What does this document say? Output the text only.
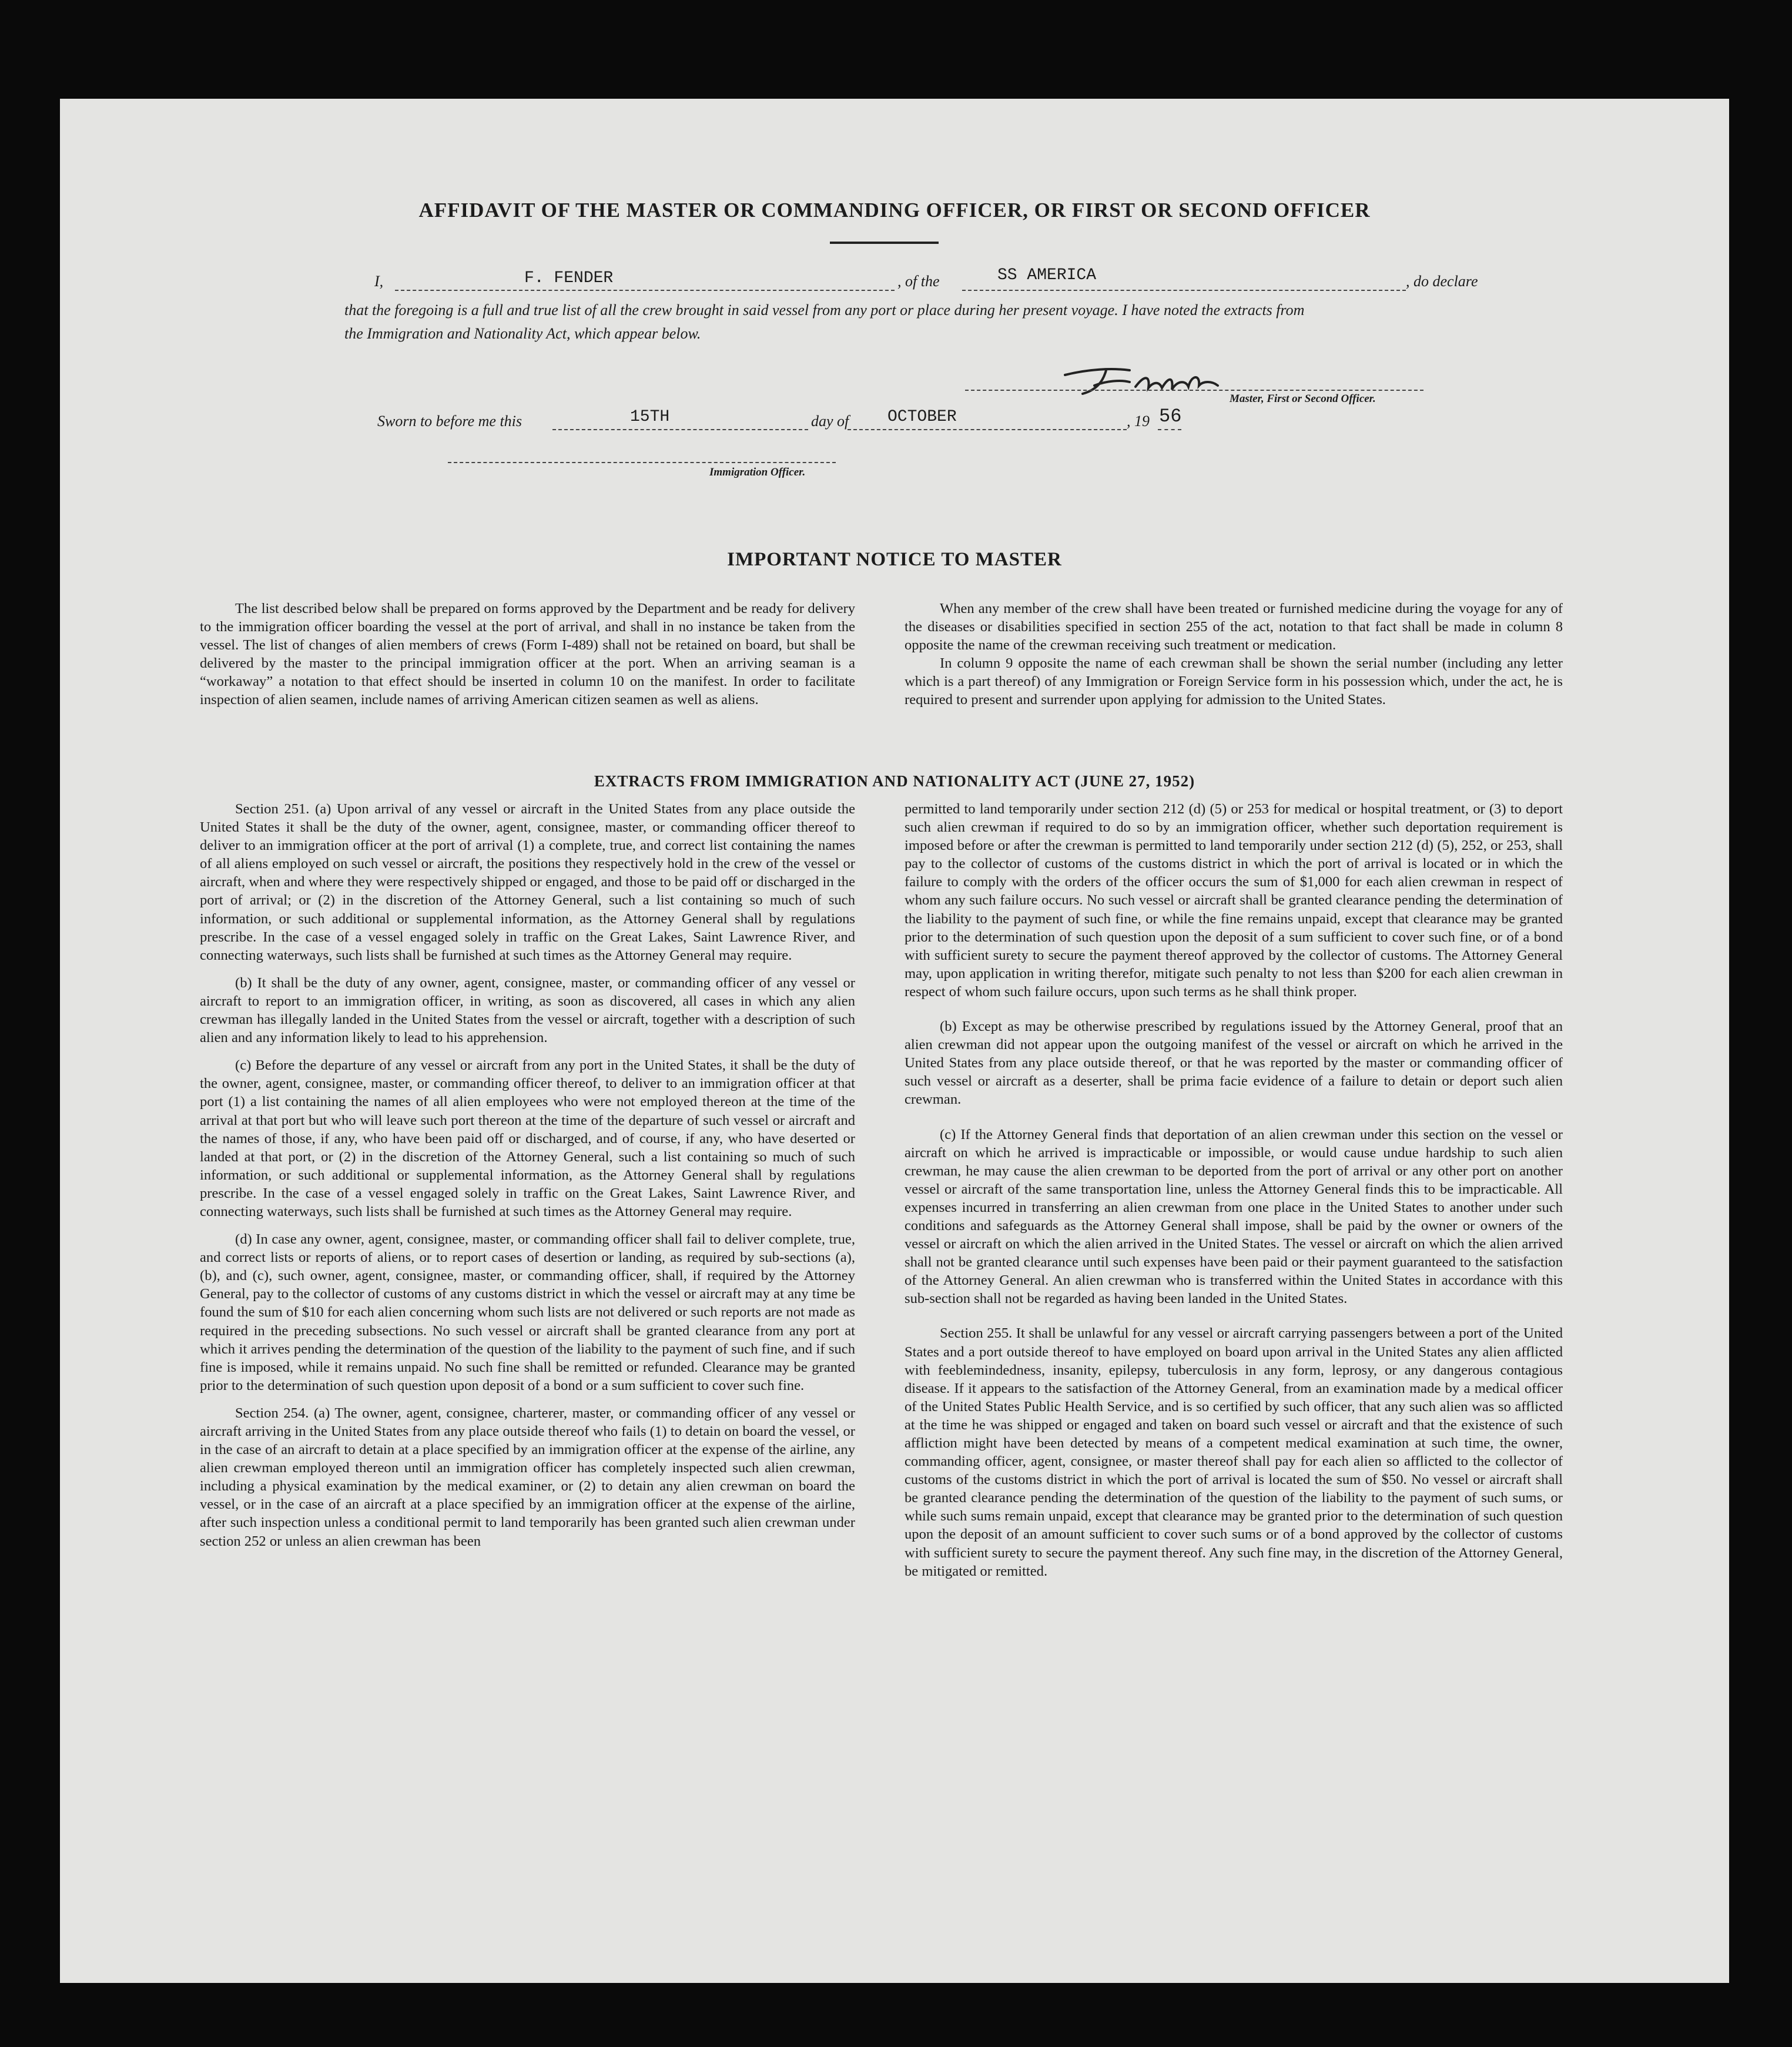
AFFIDAVIT OF THE MASTER OR COMMANDING OFFICER, OR FIRST OR SECOND OFFICER
I,	F. FENDER	, of the	SS AMERICA	, do declare
that the foregoing is a full and true list of all the crew brought in said vessel from any port or place during her present voyage. I have noted the extracts from
the Immigration and Nationality Act, which appear below.
Master, First or Second Officer.
Sworn to before me this	15TH	day of OCTOBER	, 19 56
Immigration Officer.
IMPORTANT NOTICE TO MASTER

The list described below shall be prepared on forms approved by the Department and be ready for delivery to the immigration officer boarding the vessel at the port of arrival, and shall in no instance be taken from the vessel. The list of changes of alien members of crews (Form I-489) shall not be retained on board, but shall be delivered by the master to the principal immigration officer at the port. When an arriving seaman is a “workaway” a notation to that effect should be inserted in column 10 on the manifest. In order to facilitate inspection of alien seamen, include names of arriving American citizen seamen as well as aliens.

When any member of the crew shall have been treated or furnished medicine during the voyage for any of the diseases or disabilities specified in section 255 of the act, notation to that fact shall be made in column 8 opposite the name of the crewman receiving such treatment or medication.

In column 9 opposite the name of each crewman shall be shown the serial number (including any letter which is a part thereof) of any Immigration or Foreign Service form in his possession which, under the act, he is required to present and surrender upon applying for admission to the United States.

EXTRACTS FROM IMMIGRATION AND NATIONALITY ACT (JUNE 27, 1952)

Section 251. (a) Upon arrival of any vessel or aircraft in the United States from any place outside the United States it shall be the duty of the owner, agent, consignee, master, or commanding officer thereof to deliver to an immigration officer at the port of arrival (1) a complete, true, and correct list containing the names of all aliens employed on such vessel or aircraft, the positions they respectively hold in the crew of the vessel or aircraft, when and where they were respectively shipped or engaged, and those to be paid off or discharged in the port of arrival; or (2) in the discretion of the Attorney General, such a list containing so much of such information, or such additional or supplemental information, as the Attorney General shall by regulations prescribe. In the case of a vessel engaged solely in traffic on the Great Lakes, Saint Lawrence River, and connecting waterways, such lists shall be furnished at such times as the Attorney General may require.

(b) It shall be the duty of any owner, agent, consignee, master, or commanding officer of any vessel or aircraft to report to an immigration officer, in writing, as soon as discovered, all cases in which any alien crewman has illegally landed in the United States from the vessel or aircraft, together with a description of such alien and any information likely to lead to his apprehension.

(c) Before the departure of any vessel or aircraft from any port in the United States, it shall be the duty of the owner, agent, consignee, master, or commanding officer thereof, to deliver to an immigration officer at that port (1) a list containing the names of all alien employees who were not employed thereon at the time of the arrival at that port but who will leave such port thereon at the time of the departure of such vessel or aircraft and the names of those, if any, who have been paid off or discharged, and of course, if any, who have deserted or landed at that port, or (2) in the discretion of the Attorney General, such a list containing so much of such information, or such additional or supplemental information, as the Attorney General shall by regulations prescribe. In the case of a vessel engaged solely in traffic on the Great Lakes, Saint Lawrence River, and connecting waterways, such lists shall be furnished at such times as the Attorney General may require.

(d) In case any owner, agent, consignee, master, or commanding officer shall fail to deliver complete, true, and correct lists or reports of aliens, or to report cases of desertion or landing, as required by sub-sections (a), (b), and (c), such owner, agent, consignee, master, or commanding officer, shall, if required by the Attorney General, pay to the collector of customs of any customs district in which the vessel or aircraft may at any time be found the sum of $10 for each alien concerning whom such lists are not delivered or such reports are not made as required in the preceding subsections. No such vessel or aircraft shall be granted clearance from any port at which it arrives pending the determination of the question of the liability to the payment of such fine, and if such fine is imposed, while it remains unpaid. No such fine shall be remitted or refunded. Clearance may be granted prior to the determination of such question upon deposit of a bond or a sum sufficient to cover such fine.

Section 254. (a) The owner, agent, consignee, charterer, master, or commanding officer of any vessel or aircraft arriving in the United States from any place outside thereof who fails (1) to detain on board the vessel, or in the case of an aircraft to detain at a place specified by an immigration officer at the expense of the airline, any alien crewman employed thereon until an immigration officer has completely inspected such alien crewman, including a physical examination by the medical examiner, or (2) to detain any alien crewman on board the vessel, or in the case of an aircraft at a place specified by an immigration officer at the expense of the airline, after such inspection unless a conditional permit to land temporarily has been granted such alien crewman under section 252 or unless an alien crewman has been

permitted to land temporarily under section 212 (d) (5) or 253 for medical or hospital treatment, or (3) to deport such alien crewman if required to do so by an immigration officer, whether such deportation requirement is imposed before or after the crewman is permitted to land temporarily under section 212 (d) (5), 252, or 253, shall pay to the collector of customs of the customs district in which the port of arrival is located or in which the failure to comply with the orders of the officer occurs the sum of $1,000 for each alien crewman in respect of whom any such failure occurs. No such vessel or aircraft shall be granted clearance pending the determination of the liability to the payment of such fine, or while the fine remains unpaid, except that clearance may be granted prior to the determination of such question upon the deposit of a sum sufficient to cover such fine, or of a bond with sufficient surety to secure the payment thereof approved by the collector of customs. The Attorney General may, upon application in writing therefor, mitigate such penalty to not less than $200 for each alien crewman in respect of whom such failure occurs, upon such terms as he shall think proper.

(b) Except as may be otherwise prescribed by regulations issued by the Attorney General, proof that an alien crewman did not appear upon the outgoing manifest of the vessel or aircraft on which he arrived in the United States from any place outside thereof, or that he was reported by the master or commanding officer of such vessel or aircraft as a deserter, shall be prima facie evidence of a failure to detain or deport such alien crewman.

(c) If the Attorney General finds that deportation of an alien crewman under this section on the vessel or aircraft on which he arrived is impracticable or impossible, or would cause undue hardship to such alien crewman, he may cause the alien crewman to be deported from the port of arrival or any other port on another vessel or aircraft of the same transportation line, unless the Attorney General finds this to be impracticable. All expenses incurred in transferring an alien crewman from one place in the United States to another under such conditions and safeguards as the Attorney General shall impose, shall be paid by the owner or owners of the vessel or aircraft on which the alien arrived in the United States. The vessel or aircraft on which the alien arrived shall not be granted clearance until such expenses have been paid or their payment guaranteed to the satisfaction of the Attorney General. An alien crewman who is transferred within the United States in accordance with this sub-section shall not be regarded as having been landed in the United States.

Section 255. It shall be unlawful for any vessel or aircraft carrying passengers between a port of the United States and a port outside thereof to have employed on board upon arrival in the United States any alien afflicted with feeblemindedness, insanity, epilepsy, tuberculosis in any form, leprosy, or any dangerous contagious disease. If it appears to the satisfaction of the Attorney General, from an examination made by a medical officer of the United States Public Health Service, and is so certified by such officer, that any such alien was so afflicted at the time he was shipped or engaged and taken on board such vessel or aircraft and that the existence of such affliction might have been detected by means of a competent medical examination at such time, the owner, commanding officer, agent, consignee, or master thereof shall pay for each alien so afflicted to the collector of customs of the customs district in which the port of arrival is located the sum of $50. No vessel or aircraft shall be granted clearance pending the determination of the question of the liability to the payment of such sums, or while such sums remain unpaid, except that clearance may be granted prior to the determination of such question upon the deposit of an amount sufficient to cover such sums or of a bond approved by the collector of customs with sufficient surety to secure the payment thereof. Any such fine may, in the discretion of the Attorney General, be mitigated or remitted.
